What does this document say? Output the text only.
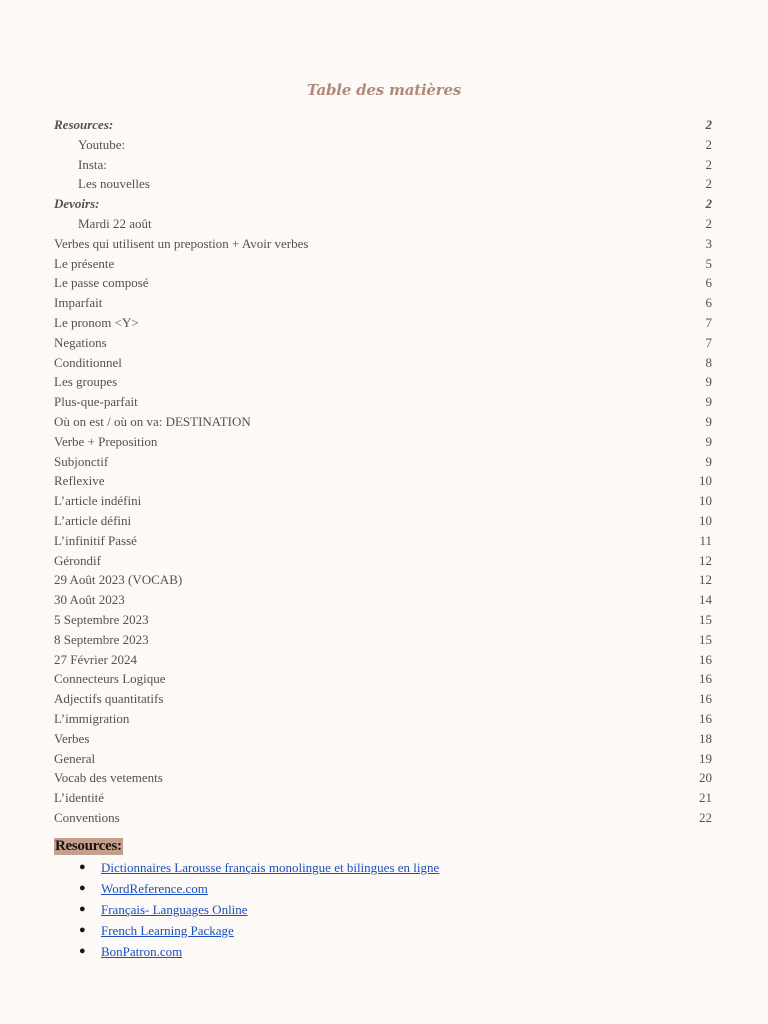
Table des matières
Resources:	2
Youtube:	2
Insta:	2
Les nouvelles	2
Devoirs:	2
Mardi 22 août	2
Verbes qui utilisent un prepostion + Avoir verbes	3
Le présente	5
Le passe composé	6
Imparfait	6
Le pronom <Y>	7
Negations	7
Conditionnel	8
Les groupes	9
Plus-que-parfait	9
Où on est / où on va: DESTINATION	9
Verbe + Preposition	9
Subjonctif	9
Reflexive	10
L’article indéfini	10
L’article défini	10
L’infinitif Passé	11
Gérondif	12
29 Août 2023 (VOCAB)	12
30 Août 2023	14
5 Septembre 2023	15
8 Septembre 2023	15
27 Février 2024	16
Connecteurs Logique	16
Adjectifs quantitatifs	16
L’immigration	16
Verbes	18
General	19
Vocab des vetements	20
L’identité	21
Conventions	22
Resources:
● Dictionnaires Larousse français monolingue et bilingues en ligne
● WordReference.com
● Français- Languages Online
● French Learning Package
● BonPatron.com
